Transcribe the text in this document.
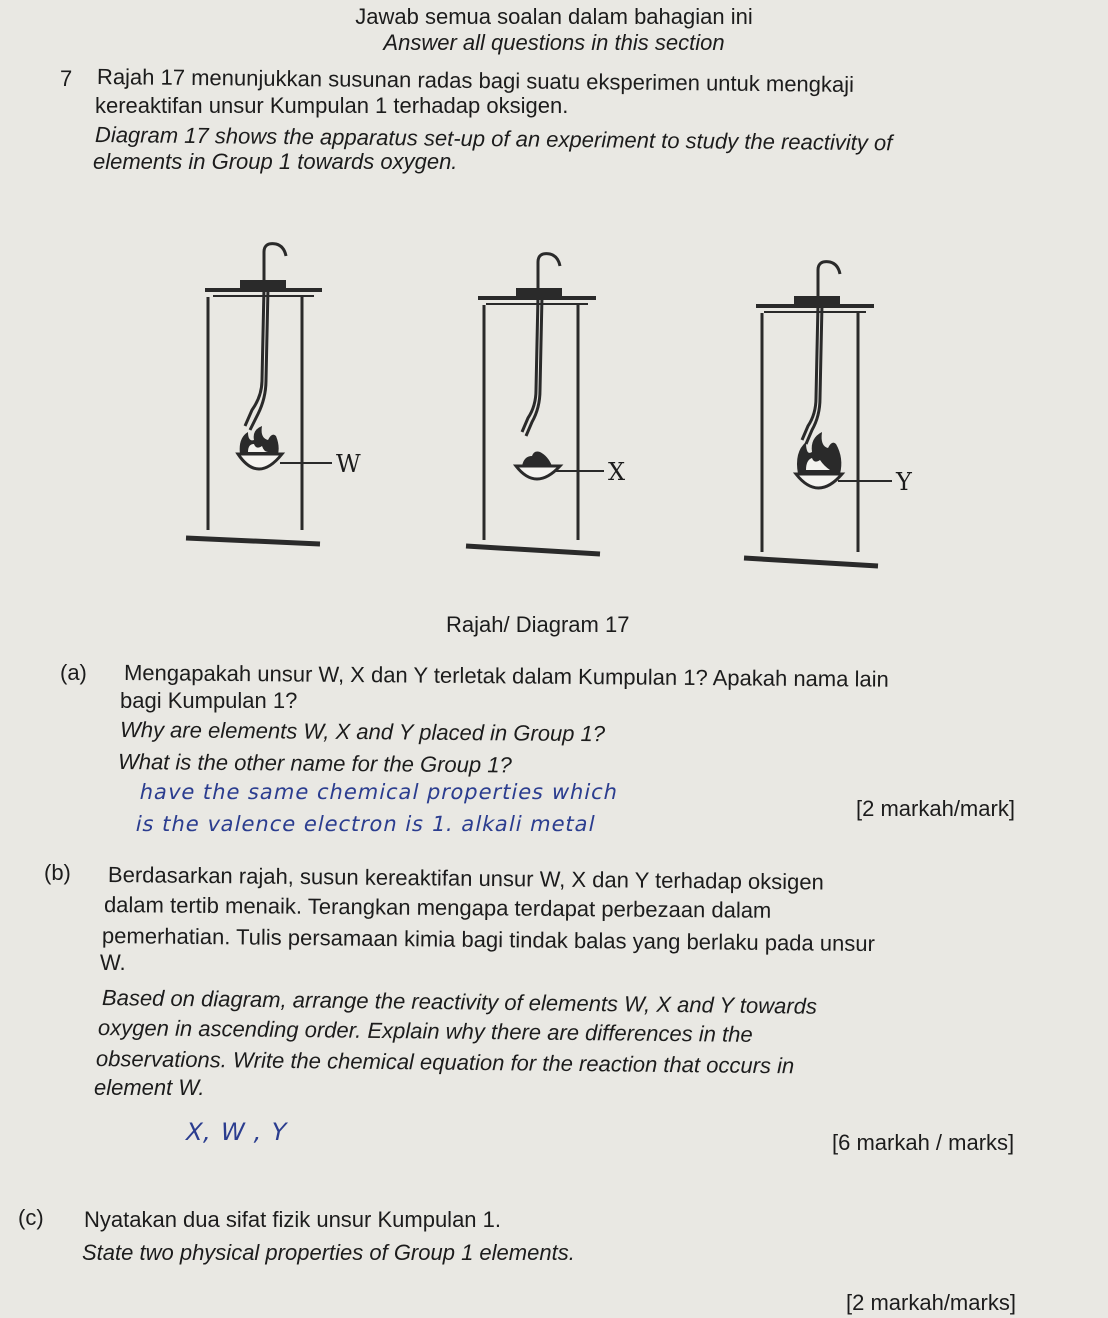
Jawab semua soalan dalam bahagian ini
Answer all questions in this section
7 Rajah 17 menunjukkan susunan radas bagi suatu eksperimen untuk mengkaji
kereaktifan unsur Kumpulan 1 terhadap oksigen.
Diagram 17 shows the apparatus set-up of an experiment to study the reactivity of
elements in Group 1 towards oxygen.
W	X	Y
Rajah/ Diagram 17
(a) Mengapakah unsur W, X dan Y terletak dalam Kumpulan 1? Apakah nama lain
bagi Kumpulan 1?
Why are elements W, X and Y placed in Group 1?
What is the other name for the Group 1?
have the same chemical properties which
is the valence electron is 1. alkali metal
[2 markah/mark]
(b) Berdasarkan rajah, susun kereaktifan unsur W, X dan Y terhadap oksigen
dalam tertib menaik. Terangkan mengapa terdapat perbezaan dalam
pemerhatian. Tulis persamaan kimia bagi tindak balas yang berlaku pada unsur
W.
Based on diagram, arrange the reactivity of elements W, X and Y towards
oxygen in ascending order. Explain why there are differences in the
observations. Write the chemical equation for the reaction that occurs in
element W.
X, W , Y	[6 markah / marks]
(c) Nyatakan dua sifat fizik unsur Kumpulan 1.
State two physical properties of Group 1 elements.
[2 markah/marks]
